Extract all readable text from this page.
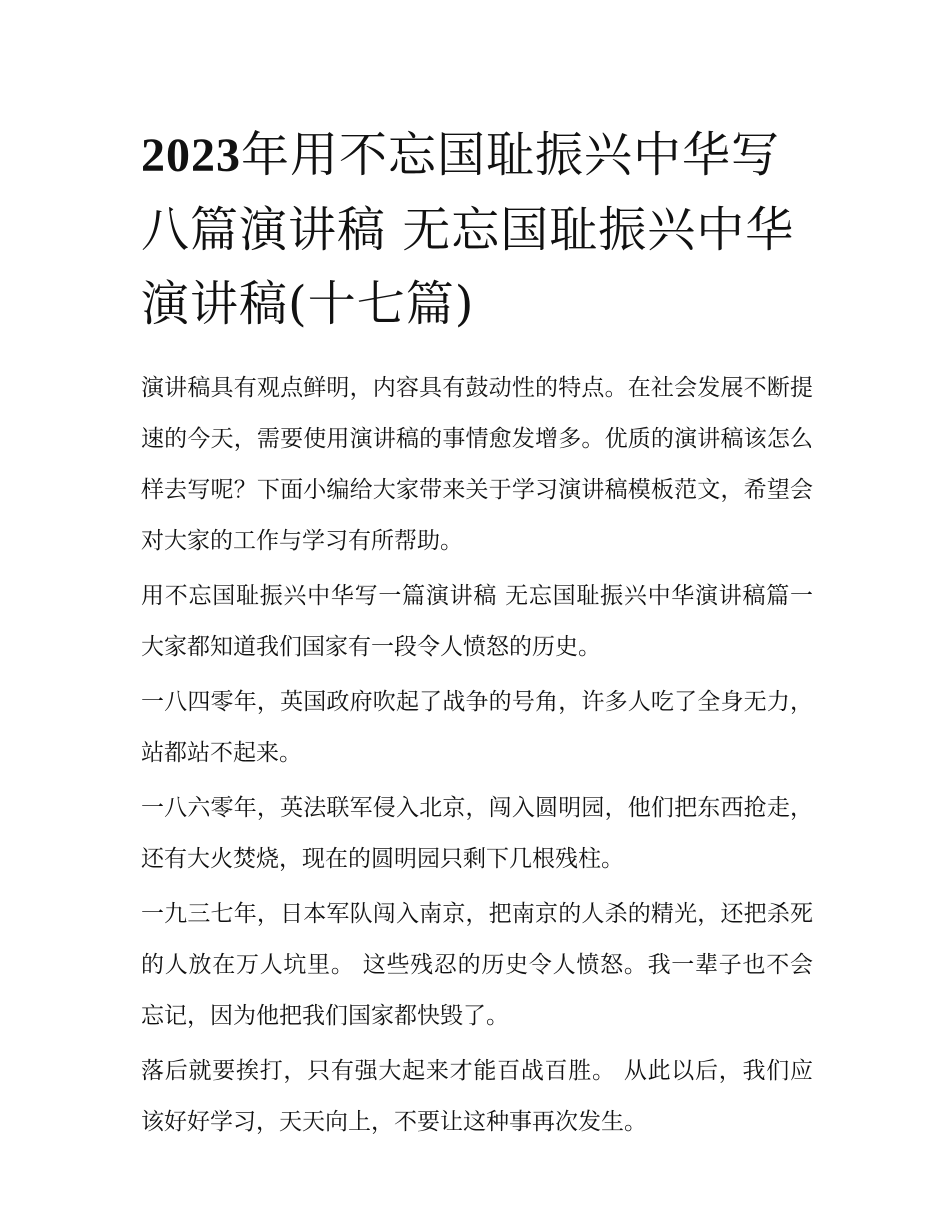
2023年用不忘国耻振兴中华写八篇演讲稿 无忘国耻振兴中华演讲稿(十七篇)

演讲稿具有观点鲜明，内容具有鼓动性的特点。在社会发展不断提速的今天，需要使用演讲稿的事情愈发增多。优质的演讲稿该怎么样去写呢？下面小编给大家带来关于学习演讲稿模板范文，希望会对大家的工作与学习有所帮助。

用不忘国耻振兴中华写一篇演讲稿 无忘国耻振兴中华演讲稿篇一 大家都知道我们国家有一段令人愤怒的历史。

一八四零年，英国政府吹起了战争的号角，许多人吃了全身无力，站都站不起来。

一八六零年，英法联军侵入北京，闯入圆明园，他们把东西抢走，还有大火焚烧，现在的圆明园只剩下几根残柱。

一九三七年，日本军队闯入南京，把南京的人杀的精光，还把杀死的人放在万人坑里。 这些残忍的历史令人愤怒。我一辈子也不会忘记，因为他把我们国家都快毁了。

落后就要挨打，只有强大起来才能百战百胜。 从此以后，我们应该好好学习，天天向上，不要让这种事再次发生。
